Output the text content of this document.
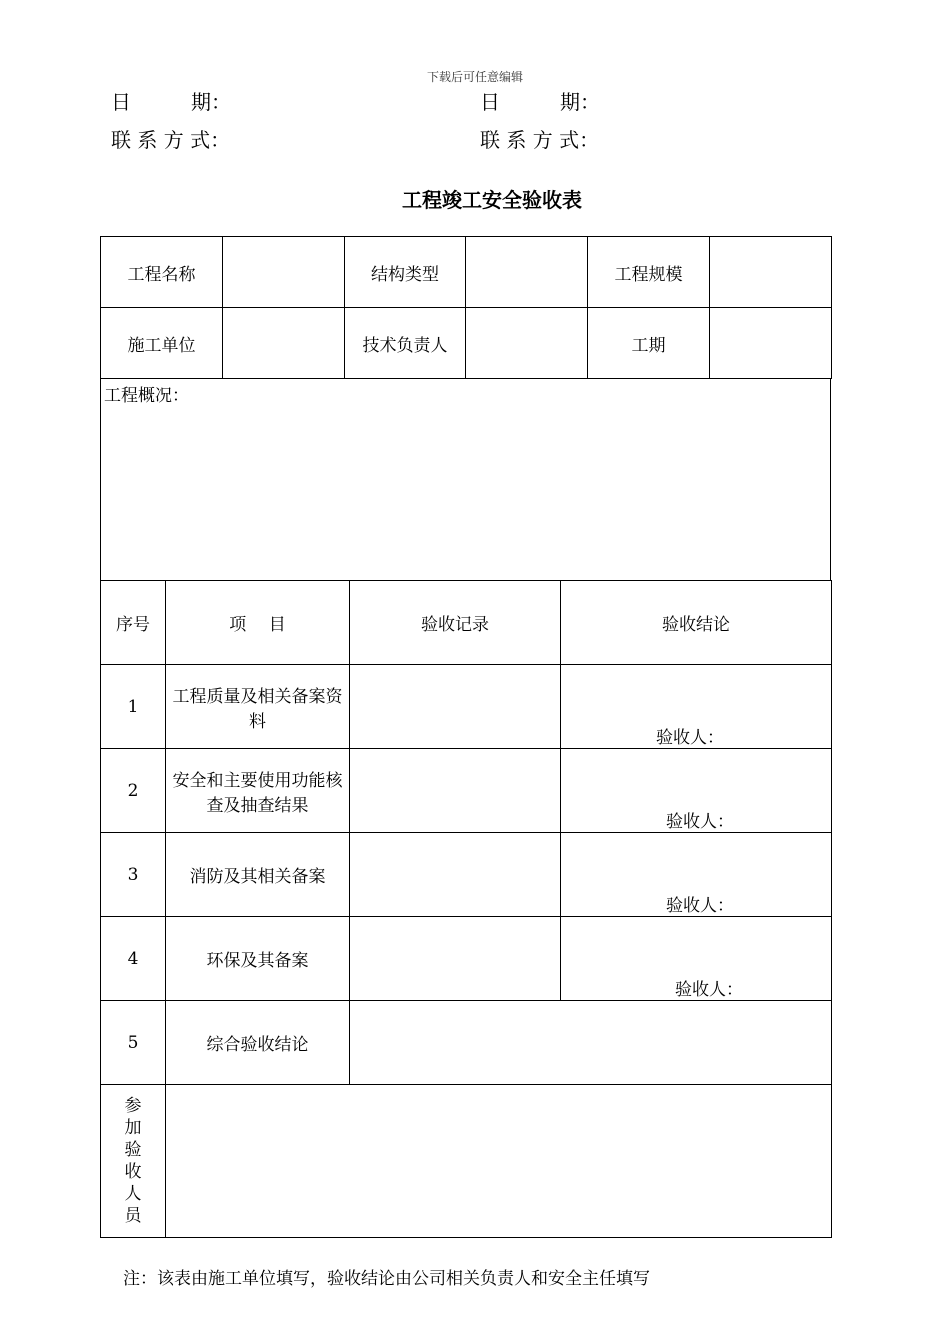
下载后可任意编辑
日　　　期：	日　　　期：
联 系 方 式：	联 系 方 式：
工程竣工安全验收表
工程名称		结构类型		工程规模	
施工单位		技术负责人		工期	
工程概况：
序号	项　 目	验收记录	验收结论
1	工程质量及相关备案资料		验收人：

2	安全和主要使用功能核查及抽查结果		验收人：

3	消防及其相关备案		验收人：

4	环保及其备案		验收人：

5	综合验收结论		

参加验收人员			

注：该表由施工单位填写，验收结论由公司相关负责人和安全主任填写
